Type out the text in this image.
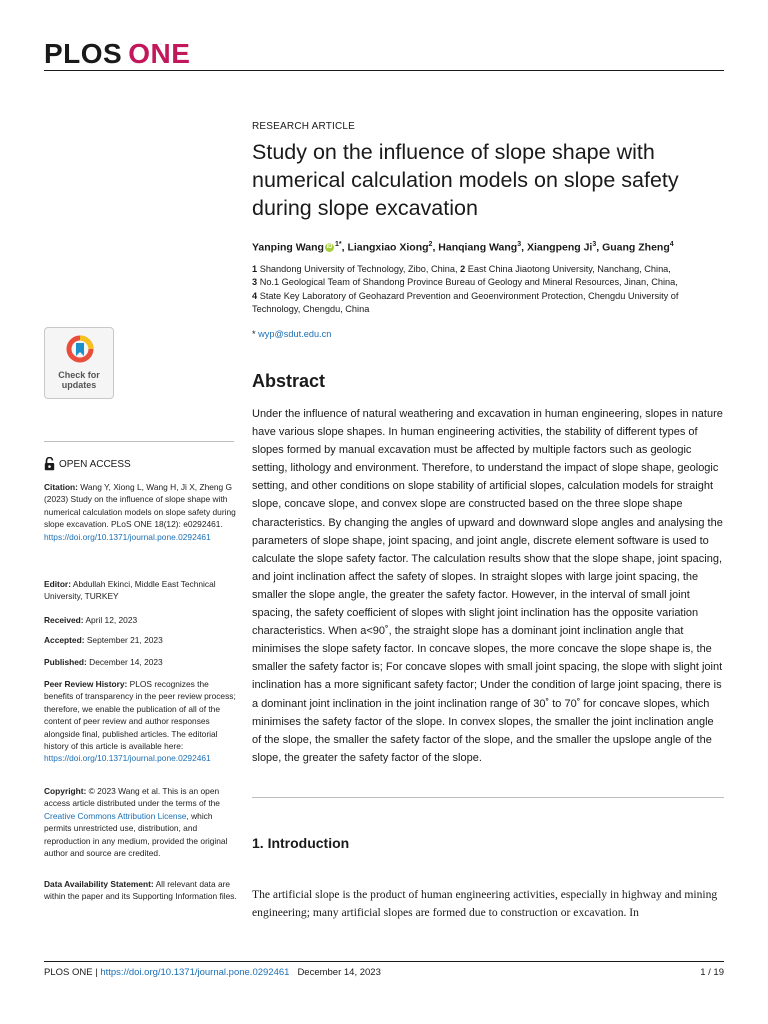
PLOS ONE
RESEARCH ARTICLE
Study on the influence of slope shape with numerical calculation models on slope safety during slope excavation
Yanping Wang iD $^{1*}$, Liangxiao Xiong$^2$, Hanqiang Wang$^3$, Xiangpeng Ji$^3$, Guang Zheng$^4$
1 Shandong University of Technology, Zibo, China, 2 East China Jiaotong University, Nanchang, China,
3 No.1 Geological Team of Shandong Province Bureau of Geology and Mineral Resources, Jinan, China,
4 State Key Laboratory of Geohazard Prevention and Geoenvironment Protection, Chengdu University of Technology, Chengdu, China
* wyp@sdut.edu.cn
Abstract

Under the influence of natural weathering and excavation in human engineering, slopes in nature have various slope shapes. In human engineering activities, the stability of different types of slopes formed by manual excavation must be affected by multiple factors such as geologic setting, lithology and environment. Therefore, to understand the impact of slope shape, geologic setting, and other conditions on slope stability of artificial slopes, calculation models for straight slope, concave slope, and convex slope are constructed based on the three slope shape characteristics. By changing the angles of upward and downward slope angles and analysing the parameters of slope shape, joint spacing, and joint angle, discrete element software is used to calculate the slope safety factor. The calculation results show that the slope shape, joint spacing, and joint inclination affect the safety of slopes. In straight slopes with large joint spacing, the smaller the slope angle, the greater the safety factor. However, in the interval of small joint spacing, the safety coefficient of slopes with slight joint inclination has the opposite variation characteristics. When a<90˚, the straight slope has a dominant joint inclination angle that minimises the slope safety factor. In concave slopes, the more concave the slope shape is, the smaller the safety factor is; For concave slopes with small joint spacing, the slope with slight joint inclination has a more significant safety factor; Under the condition of large joint spacing, there is a dominant joint inclination in the joint inclination range of 30˚ to 70˚ for concave slopes, which minimises the safety factor of the slope. In convex slopes, the smaller the joint inclination angle of the slope, the smaller the safety factor of the slope, and the smaller the upslope angle of the slope, the greater the safety factor of the slope.

1. Introduction

The artificial slope is the product of human engineering activities, especially in highway and mining engineering; many artificial slopes are formed due to construction or excavation. In

Check for
updates
OPEN ACCESS
Citation: Wang Y, Xiong L, Wang H, Ji X, Zheng G (2023) Study on the influence of slope shape with numerical calculation models on slope safety during slope excavation. PLoS ONE 18(12): e0292461. https://doi.org/10.1371/journal.pone.0292461
Editor: Abdullah Ekinci, Middle East Technical University, TURKEY
Received: April 12, 2023
Accepted: September 21, 2023
Published: December 14, 2023
Peer Review History: PLOS recognizes the benefits of transparency in the peer review process; therefore, we enable the publication of all of the content of peer review and author responses alongside final, published articles. The editorial history of this article is available here: https://doi.org/10.1371/journal.pone.0292461
Copyright: © 2023 Wang et al. This is an open access article distributed under the terms of the Creative Commons Attribution License, which permits unrestricted use, distribution, and reproduction in any medium, provided the original author and source are credited.
Data Availability Statement: All relevant data are within the paper and its Supporting Information files.
PLOS ONE | https://doi.org/10.1371/journal.pone.0292461 December 14, 2023	1 / 19
